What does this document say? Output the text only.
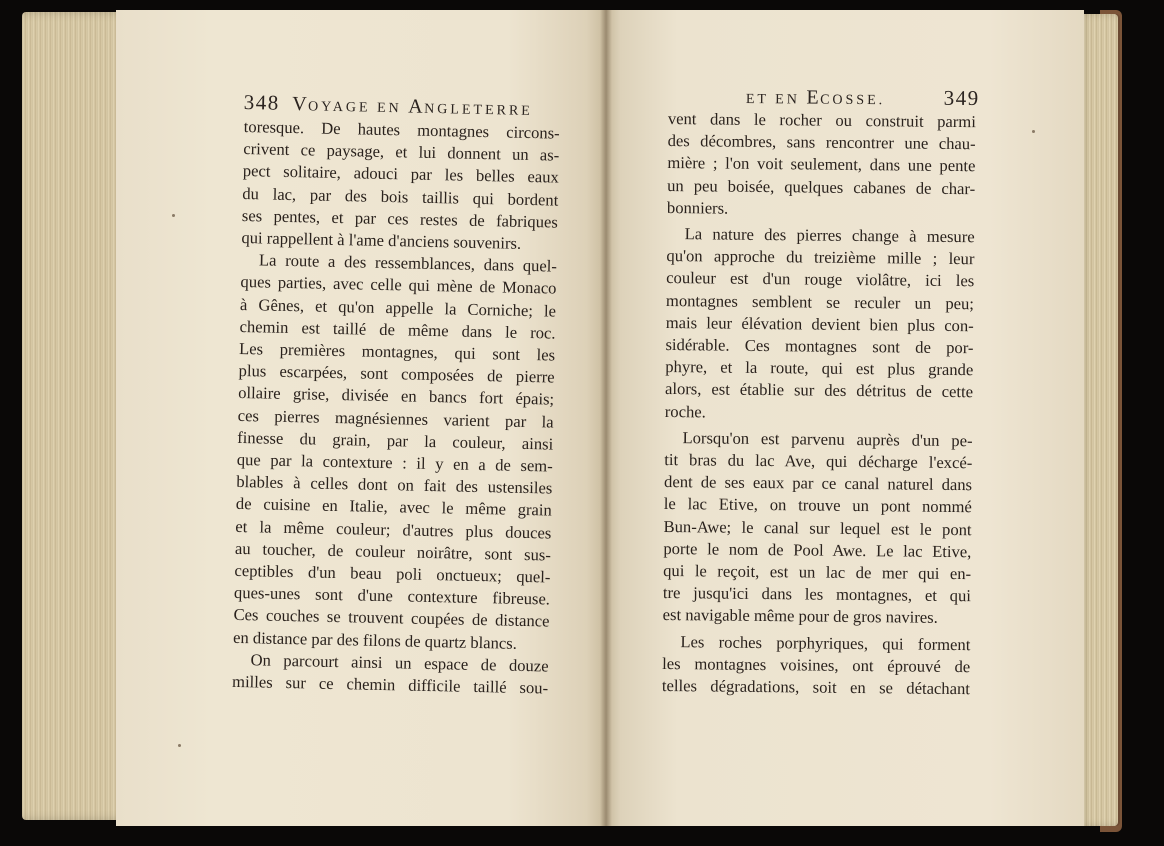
348 VOYAGE EN ANGLETERRE
ET EN ECOSSE.	349
toresque. De hautes montagnes circons-
crivent ce paysage, et lui donnent un as-
pect solitaire, adouci par les belles eaux
du lac, par des bois taillis qui bordent
ses pentes, et par ces restes de fabriques
qui rappellent à l'ame d'anciens souvenirs.
La route a des ressemblances, dans quel-
ques parties, avec celle qui mène de Monaco
à Gênes, et qu'on appelle la Corniche; le
chemin est taillé de même dans le roc.
Les premières montagnes, qui sont les
plus escarpées, sont composées de pierre
ollaire grise, divisée en bancs fort épais;
ces pierres magnésiennes varient par la
finesse du grain, par la couleur, ainsi
que par la contexture : il y en a de sem-
blables à celles dont on fait des ustensiles
de cuisine en Italie, avec le même grain
et la même couleur; d'autres plus douces
au toucher, de couleur noirâtre, sont sus-
ceptibles d'un beau poli onctueux; quel-
ques-unes sont d'une contexture fibreuse.
Ces couches se trouvent coupées de distance
en distance par des filons de quartz blancs.
On parcourt ainsi un espace de douze
milles sur ce chemin difficile taillé sou-
vent dans le rocher ou construit parmi
des décombres, sans rencontrer une chau-
mière ; l'on voit seulement, dans une pente
un peu boisée, quelques cabanes de char-
bonniers.
La nature des pierres change à mesure
qu'on approche du treizième mille ; leur
couleur est d'un rouge violâtre, ici les
montagnes semblent se reculer un peu;
mais leur élévation devient bien plus con-
sidérable. Ces montagnes sont de por-
phyre, et la route, qui est plus grande
alors, est établie sur des détritus de cette
roche.
Lorsqu'on est parvenu auprès d'un pe-
tit bras du lac Ave, qui décharge l'excé-
dent de ses eaux par ce canal naturel dans
le lac Etive, on trouve un pont nommé
Bun-Awe; le canal sur lequel est le pont
porte le nom de Pool Awe. Le lac Etive,
qui le reçoit, est un lac de mer qui en-
tre jusqu'ici dans les montagnes, et qui
est navigable même pour de gros navires.
Les roches porphyriques, qui forment
les montagnes voisines, ont éprouvé de
telles dégradations, soit en se détachant
